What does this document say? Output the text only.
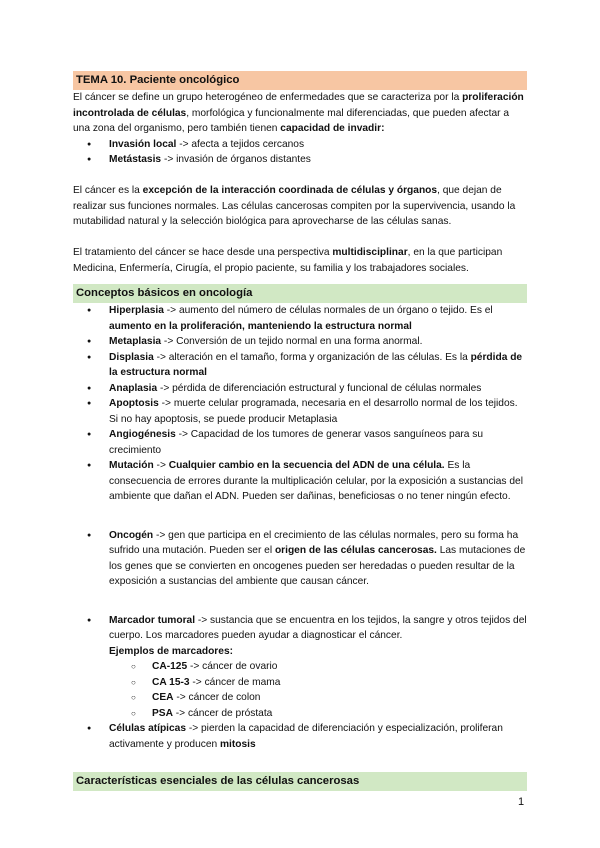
TEMA 10. Paciente oncológico

El cáncer se define un grupo heterogéneo de enfermedades que se caracteriza por la proliferación incontrolada de células, morfológica y funcionalmente mal diferenciadas, que pueden afectar a una zona del organismo, pero también tienen capacidad de invadir:

● Invasión local -> afecta a tejidos cercanos
● Metástasis -> invasión de órganos distantes

El cáncer es la excepción de la interacción coordinada de células y órganos, que dejan de realizar sus funciones normales. Las células cancerosas compiten por la supervivencia, usando la mutabilidad natural y la selección biológica para aprovecharse de las células sanas.

El tratamiento del cáncer se hace desde una perspectiva multidisciplinar, en la que participan Medicina, Enfermería, Cirugía, el propio paciente, su familia y los trabajadores sociales.

Conceptos básicos en oncología
● Hiperplasia -> aumento del número de células normales de un órgano o tejido. Es el aumento en la proliferación, manteniendo la estructura normal
● Metaplasia -> Conversión de un tejido normal en una forma anormal.
● Displasia -> alteración en el tamaño, forma y organización de las células. Es la pérdida de la estructura normal
● Anaplasia -> pérdida de diferenciación estructural y funcional de células normales
● Apoptosis -> muerte celular programada, necesaria en el desarrollo normal de los tejidos. Si no hay apoptosis, se puede producir Metaplasia
● Angiogénesis -> Capacidad de los tumores de generar vasos sanguíneos para su crecimiento
● Mutación -> Cualquier cambio en la secuencia del ADN de una célula. Es la consecuencia de errores durante la multiplicación celular, por la exposición a sustancias del ambiente que dañan el ADN. Pueden ser dañinas, beneficiosas o no tener ningún efecto.
● Oncogén -> gen que participa en el crecimiento de las células normales, pero su forma ha sufrido una mutación. Pueden ser el origen de las células cancerosas. Las mutaciones de los genes que se convierten en oncogenes pueden ser heredadas o pueden resultar de la exposición a sustancias del ambiente que causan cáncer.
● Marcador tumoral -> sustancia que se encuentra en los tejidos, la sangre y otros tejidos del cuerpo. Los marcadores pueden ayudar a diagnosticar el cáncer.
Ejemplos de marcadores:
○ CA-125 -> cáncer de ovario
○ CA 15-3 -> cáncer de mama
○ CEA -> cáncer de colon
○ PSA -> cáncer de próstata
● Células atípicas -> pierden la capacidad de diferenciación y especialización, proliferan activamente y producen mitosis
Características esenciales de las células cancerosas
1
